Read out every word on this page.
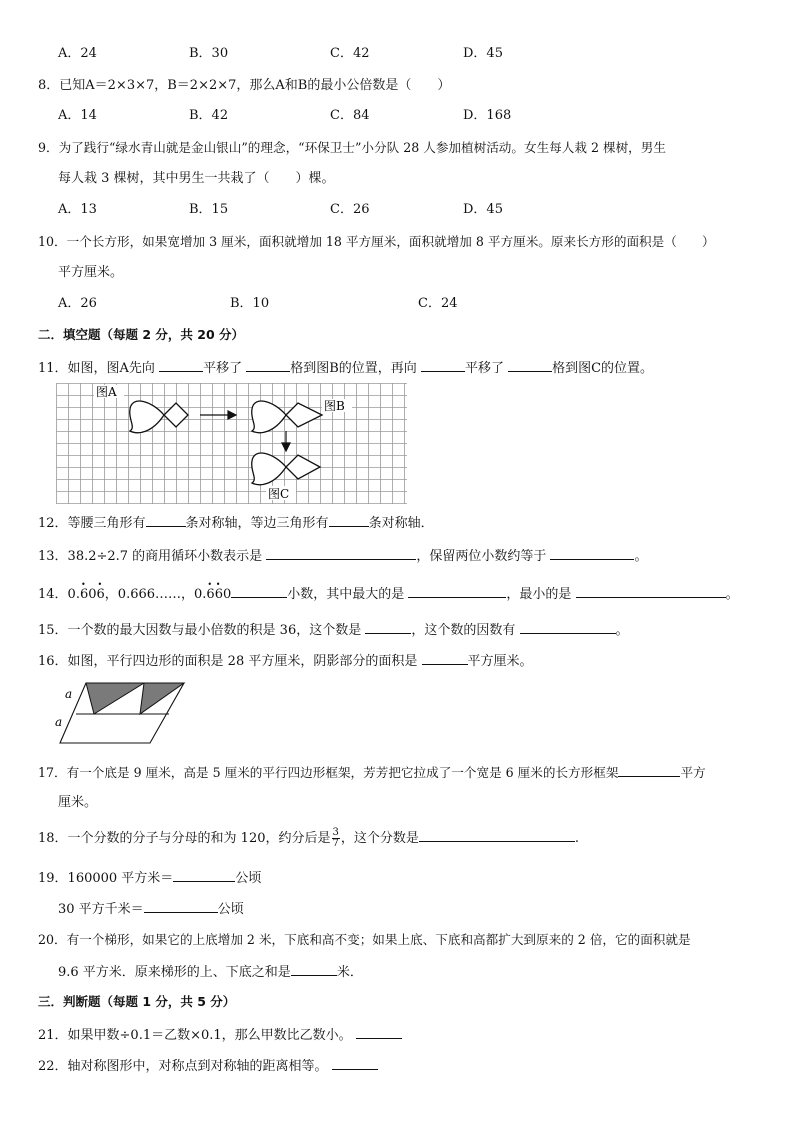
A．24	B．30	C．42	D．45
8．已知A＝2×3×7，B＝2×2×7，那么A和B的最小公倍数是（　　）
A．14	B．42	C．84	D．168
9．为了践行“绿水青山就是金山银山”的理念，“环保卫士”小分队 28 人参加植树活动。女生每人栽 2 棵树，男生
每人栽 3 棵树，其中男生一共栽了（　　）棵。
A．13	B．15	C．26	D．45
10．一个长方形，如果宽增加 3 厘米，面积就增加 18 平方厘米，面积就增加 8 平方厘米。原来长方形的面积是（　　）
平方厘米。
A．26	B．10	C．24
二．填空题（每题 2 分，共 20 分）
11．如图，图A先向	平移了	格到图B的位置，再向	平移了	格到图C的位置。
图A
图B
图C
12．等腰三角形有	条对称轴，等边三角形有	条对称轴．
13．38.2÷2.7 的商用循环小数表示是	，保留两位小数约等于	。
14．0.• 60• 6，0.666……，0.• 6• 60	小数，其中最大的是	，最小的是	。
15．一个数的最大因数与最小倍数的积是 36，这个数是	，这个数的因数有	。
16．如图，平行四边形的面积是 28 平方厘米，阴影部分的面积是	平方厘米。
a
a
17．有一个底是 9 厘米，高是 5 厘米的平行四边形框架，芳芳把它拉成了一个宽是 6 厘米的长方形框架	平方
厘米。
18．一个分数的分子与分母的和为 120，约分后是 $\frac{3}{7}$ ，这个分数是	.
19．160000 平方米＝	公顷
30 平方千米＝	公顷
20．有一个梯形，如果它的上底增加 2 米，下底和高不变；如果上底、下底和高都扩大到原来的 2 倍，它的面积就是
9.6 平方米．原来梯形的上、下底之和是	米．
三．判断题（每题 1 分，共 5 分）
21．如果甲数÷0.1＝乙数×0.1，那么甲数比乙数小。
22．轴对称图形中，对称点到对称轴的距离相等。
